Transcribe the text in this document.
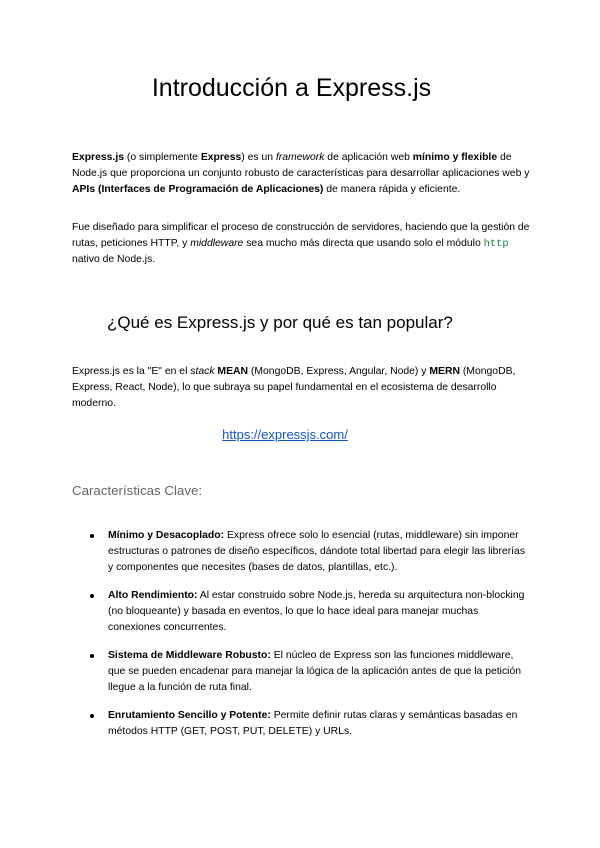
Introducción a Express.js

Express.js (o simplemente Express) es un framework de aplicación web mínimo y flexible de Node.js que proporciona un conjunto robusto de características para desarrollar aplicaciones web y APIs (Interfaces de Programación de Aplicaciones) de manera rápida y eficiente.

Fue diseñado para simplificar el proceso de construcción de servidores, haciendo que la gestión de rutas, peticiones HTTP, y middleware sea mucho más directa que usando solo el módulo http nativo de Node.js.

¿Qué es Express.js y por qué es tan popular?

Express.js es la "E" en el stack MEAN (MongoDB, Express, Angular, Node) y MERN (MongoDB, Express, React, Node), lo que subraya su papel fundamental en el ecosistema de desarrollo moderno.

https://expressjs.com/
Características Clave:
Mínimo y Desacoplado: Express ofrece solo lo esencial (rutas, middleware) sin imponer estructuras o patrones de diseño específicos, dándote total libertad para elegir las librerías y componentes que necesites (bases de datos, plantillas, etc.).
Alto Rendimiento: Al estar construido sobre Node.js, hereda su arquitectura non-blocking (no bloqueante) y basada en eventos, lo que lo hace ideal para manejar muchas conexiones concurrentes.
Sistema de Middleware Robusto: El núcleo de Express son las funciones middleware, que se pueden encadenar para manejar la lógica de la aplicación antes de que la petición llegue a la función de ruta final.
Enrutamiento Sencillo y Potente: Permite definir rutas claras y semánticas basadas en métodos HTTP (GET, POST, PUT, DELETE) y URLs.
